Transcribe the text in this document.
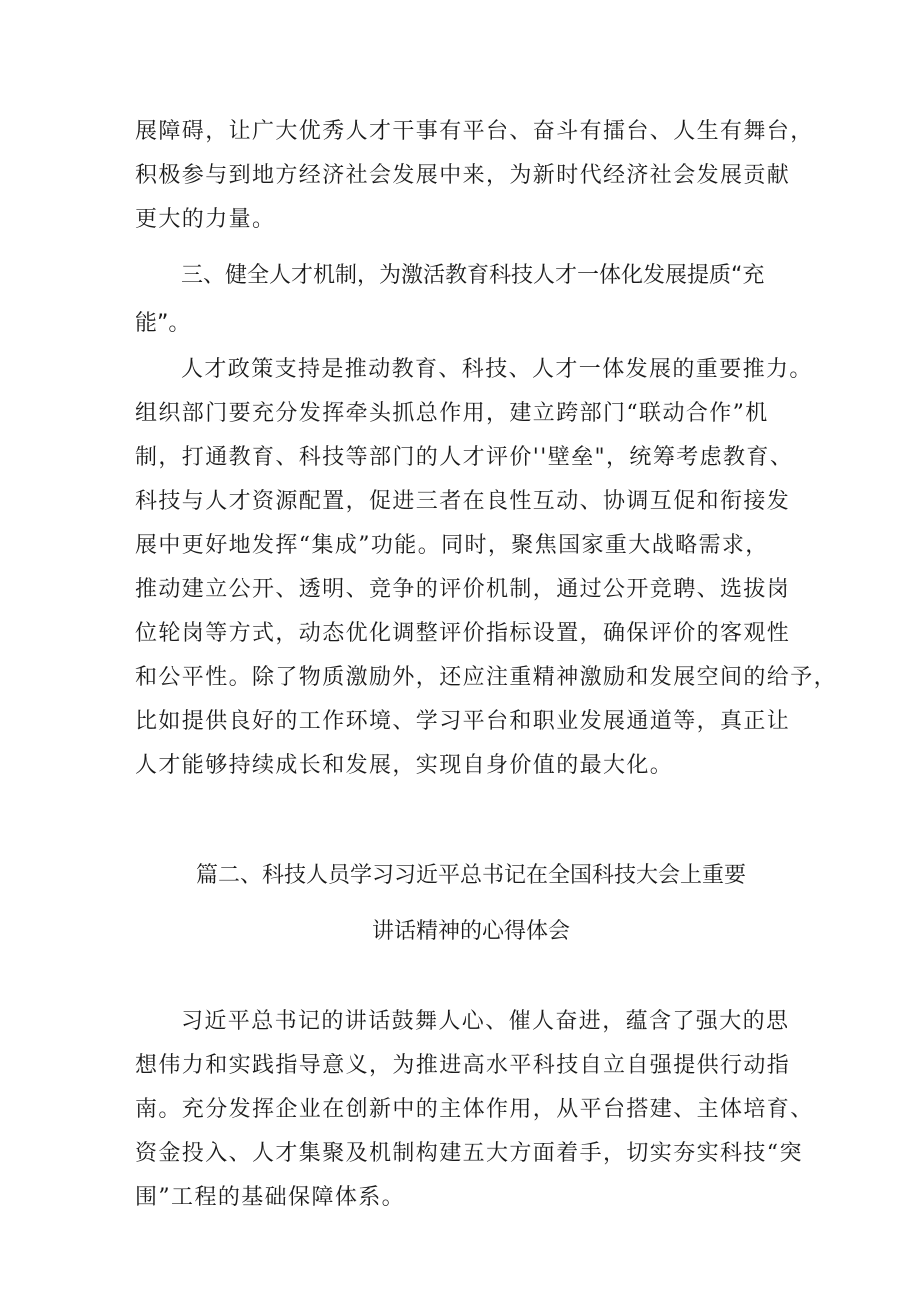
展障碍，让广大优秀人才干事有平台、奋斗有擂台、人生有舞台，
积极参与到地方经济社会发展中来，为新时代经济社会发展贡献
更大的力量。
三、健全人才机制，为激活教育科技人才一体化发展提质“充
能”。
人才政策支持是推动教育、科技、人才一体发展的重要推力。
组织部门要充分发挥牵头抓总作用，建立跨部门“联动合作”机
制，打通教育、科技等部门的人才评价''壁垒"，统筹考虑教育、
科技与人才资源配置，促进三者在良性互动、协调互促和衔接发
展中更好地发挥“集成”功能。同时，聚焦国家重大战略需求，
推动建立公开、透明、竞争的评价机制，通过公开竞聘、选拔岗
位轮岗等方式，动态优化调整评价指标设置，确保评价的客观性
和公平性。除了物质激励外，还应注重精神激励和发展空间的给予，
比如提供良好的工作环境、学习平台和职业发展通道等，真正让
人才能够持续成长和发展，实现自身价值的最大化。
篇二、科技人员学习习近平总书记在全国科技大会上重要
讲话精神的心得体会
习近平总书记的讲话鼓舞人心、催人奋进，蕴含了强大的思
想伟力和实践指导意义，为推进高水平科技自立自强提供行动指
南。充分发挥企业在创新中的主体作用，从平台搭建、主体培育、
资金投入、人才集聚及机制构建五大方面着手，切实夯实科技“突
围”工程的基础保障体系。
